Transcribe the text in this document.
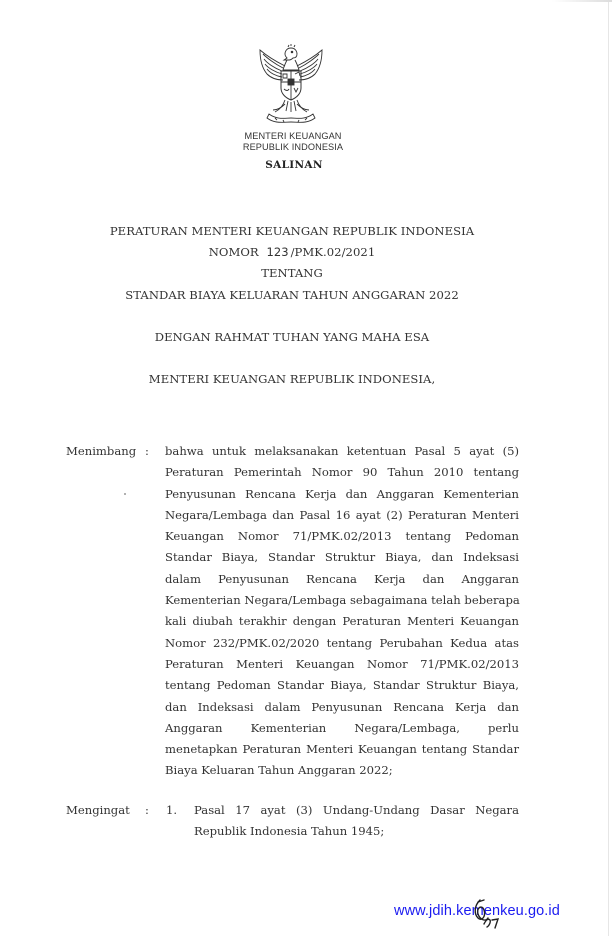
MENTERI KEUANGAN
REPUBLIK INDONESIA
SALINAN
PERATURAN MENTERI KEUANGAN REPUBLIK INDONESIA
NOMOR 123 /PMK.02/2021
TENTANG
STANDAR BIAYA KELUARAN TAHUN ANGGARAN 2022
DENGAN RAHMAT TUHAN YANG MAHA ESA
MENTERI KEUANGAN REPUBLIK INDONESIA,
Menimbang : bahwa untuk melaksanakan ketentuan Pasal 5 ayat (5)
Peraturan Pemerintah Nomor 90 Tahun 2010 tentang
Penyusunan Rencana Kerja dan Anggaran Kementerian
Negara/Lembaga dan Pasal 16 ayat (2) Peraturan Menteri
Keuangan Nomor 71/PMK.02/2013 tentang Pedoman
Standar Biaya, Standar Struktur Biaya, dan Indeksasi
dalam Penyusunan Rencana Kerja dan Anggaran
Kementerian Negara/Lembaga sebagaimana telah beberapa
kali diubah terakhir dengan Peraturan Menteri Keuangan
Nomor 232/PMK.02/2020 tentang Perubahan Kedua atas
Peraturan Menteri Keuangan Nomor 71/PMK.02/2013
tentang Pedoman Standar Biaya, Standar Struktur Biaya,
dan Indeksasi dalam Penyusunan Rencana Kerja dan
Anggaran Kementerian Negara/Lembaga, perlu
menetapkan Peraturan Menteri Keuangan tentang Standar
Biaya Keluaran Tahun Anggaran 2022;
Mengingat : 1. Pasal 17 ayat (3) Undang-Undang Dasar Negara
Republik Indonesia Tahun 1945;
www.jdih.kemenkeu.go.id
